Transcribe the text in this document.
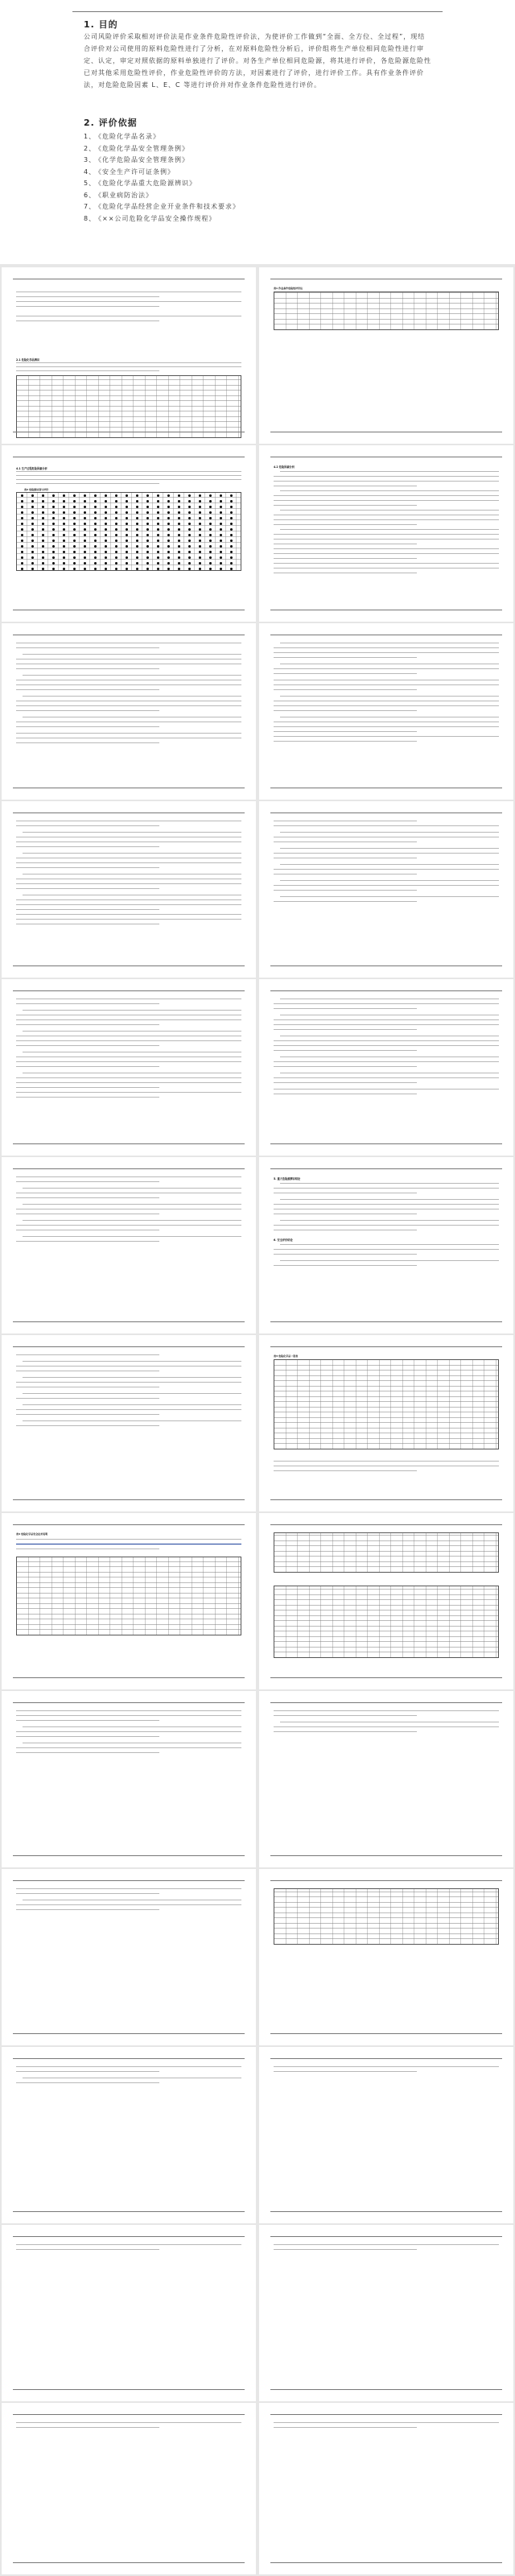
1. 目的
公司风险评价采取相对评价法是作业条件危险性评价法，为使评价工作做到“全面、全方位、全过程”，现结合评价对公司使用的原料危险性进行了分析，在对原料危险性分析后，评价组将生产单位相同危险性进行审定、认定，审定对照依据的原料单独进行了评价。对各生产单位相同危险源，将其进行评价，各危险源危险性已对其他采用危险性评价，作业危险性评价的方法，对因素进行了评价，进行评价工作。具有作业条件评价法，对危险危险因素 L、E、C 等进行评价并对作业条件危险性进行评价。
2. 评价依据
1、《危险化学品名录》
2、《危险化学品安全管理条例》
3、《化学危险品安全管理条例》
4、《安全生产许可证条例》
5、《危险化学品重大危险源辨识》
6、《职业病防治法》
7、《危险化学品经营企业开业条件和技术要求》
8、《××公司危险化学品安全操作规程》
2.1 危险化学品辨识
表1 作业条件危险性评价法
4.1 生产过程危险因素分析
表2 危险源识别与评价
4.2 危险因素分析
5. 重大危险源辨识结论
6. 安全评价结论
表3 危险化学品一览表
表4 危险化学品安全技术说明
